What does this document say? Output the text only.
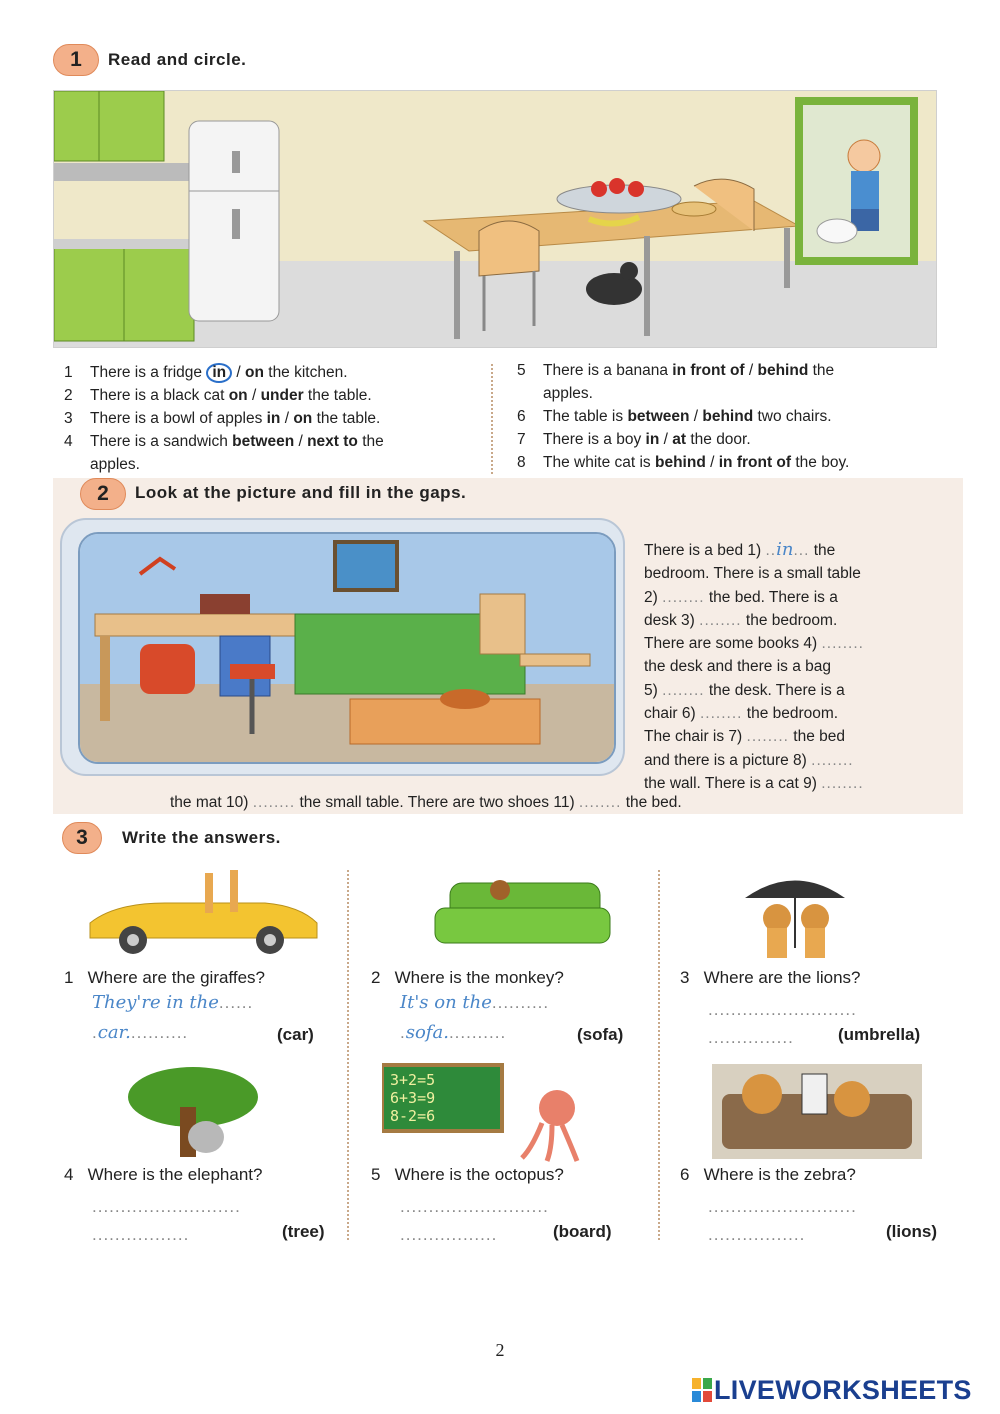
1	Read and circle.
1 There is a fridge in / on the kitchen.
2 There is a black cat on / under the table.
3 There is a bowl of apples in / on the table.
4 There is a sandwich between / next to the
apples.
5 There is a banana in front of / behind the
apples.
6 The table is between / behind two chairs.
7 There is a boy in / at the door.
8 The white cat is behind / in front of the boy.
2	Look at the picture and fill in the gaps.
There is a bed 1) ..in... the
bedroom. There is a small table
2) ........ the bed. There is a
desk 3) ........ the bedroom.
There are some books 4) ........
the desk and there is a bag
5) ........ the desk. There is a
chair 6) ........ the bedroom.
The chair is 7) ........ the bed
and there is a picture 8) ........
the wall. There is a cat 9) ........
the mat 10) ........ the small table. There are two shoes 11) ........ the bed.
3	Write the answers.
1 Where are the giraffes?
They're in the......
.car...........	(car)
2 Where is the monkey?
It's on the..........
.sofa...........	(sofa)
3 Where are the lions?
..........................
...............	(umbrella)
3+2=5
6+3=9
8-2=6
4 Where is the elephant?
..........................
.................	(tree)
5 Where is the octopus?
..........................
.................	(board)
6 Where is the zebra?
..........................
.................	(lions)
2
LIVEWORKSHEETS
